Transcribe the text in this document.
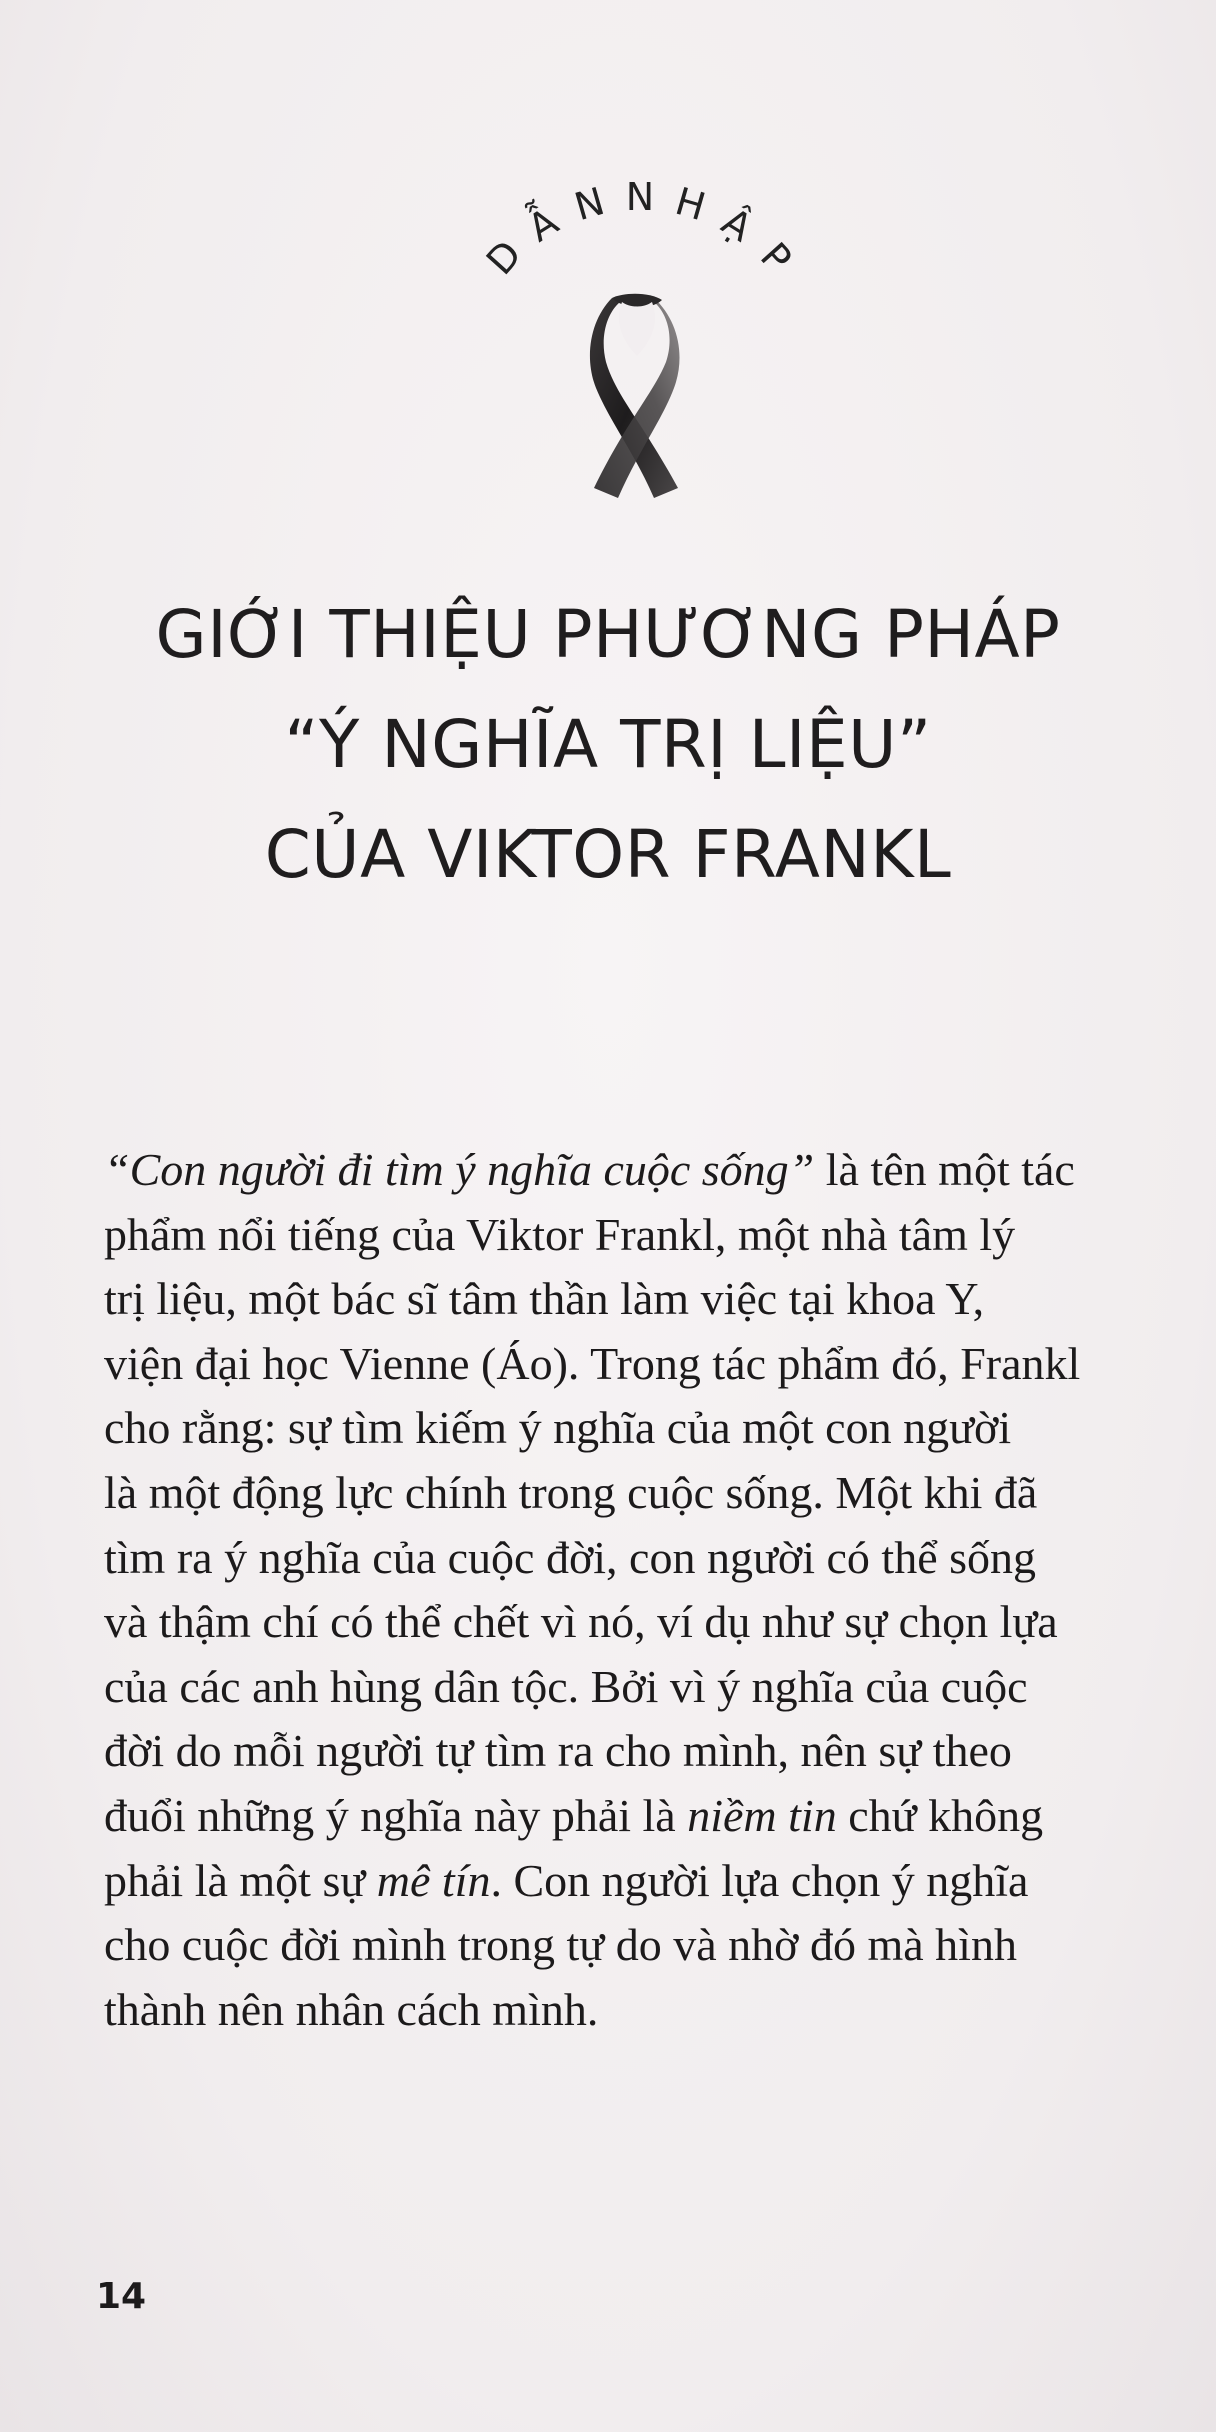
D
Ẫ N N H Ậ
P
GIỚI THIỆU PHƯƠNG PHÁP
“Ý NGHĨA TRỊ LIỆU”
CỦA VIKTOR FRANKL
“Con người đi tìm ý nghĩa cuộc sống” là tên một tác
phẩm nổi tiếng của Viktor Frankl, một nhà tâm lý
trị liệu, một bác sĩ tâm thần làm việc tại khoa Y,
viện đại học Vienne (Áo). Trong tác phẩm đó, Frankl
cho rằng: sự tìm kiếm ý nghĩa của một con người
là một động lực chính trong cuộc sống. Một khi đã
tìm ra ý nghĩa của cuộc đời, con người có thể sống
và thậm chí có thể chết vì nó, ví dụ như sự chọn lựa
của các anh hùng dân tộc. Bởi vì ý nghĩa của cuộc
đời do mỗi người tự tìm ra cho mình, nên sự theo
đuổi những ý nghĩa này phải là niềm tin chứ không
phải là một sự mê tín. Con người lựa chọn ý nghĩa
cho cuộc đời mình trong tự do và nhờ đó mà hình
thành nên nhân cách mình.
14
